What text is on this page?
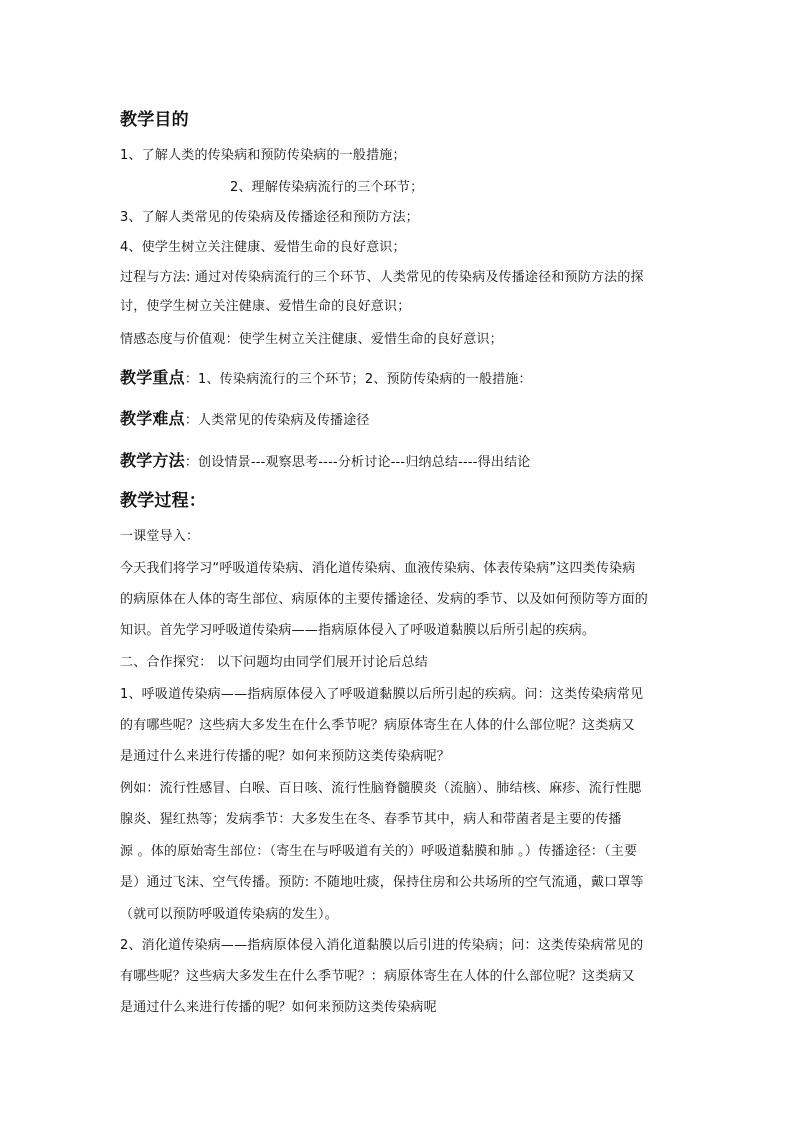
教学目的
1、了解人类的传染病和预防传染病的一般措施；
2、理解传染病流行的三个环节；
3、了解人类常见的传染病及传播途径和预防方法；
4、使学生树立关注健康、爱惜生命的良好意识；
过程与方法: 通过对传染病流行的三个环节、人类常见的传染病及传播途径和预防方法的探
讨，使学生树立关注健康、爱惜生命的良好意识；
情感态度与价值观：使学生树立关注健康、爱惜生命的良好意识；
教学重点：1、传染病流行的三个环节；2、预防传染病的一般措施：
教学难点：人类常见的传染病及传播途径
教学方法：创设情景---观察思考----分析讨论---归纳总结----得出结论
教学过程：
一课堂导入：
今天我们将学习“呼吸道传染病、消化道传染病、血液传染病、体表传染病”这四类传染病
的病原体在人体的寄生部位、病原体的主要传播途径、发病的季节、以及如何预防等方面的
知识。首先学习呼吸道传染病——指病原体侵入了呼吸道黏膜以后所引起的疾病。
二、合作探究： 以下问题均由同学们展开讨论后总结
1、呼吸道传染病——指病原体侵入了呼吸道黏膜以后所引起的疾病。问：这类传染病常见
的有哪些呢？这些病大多发生在什么季节呢？病原体寄生在人体的什么部位呢？这类病又
是通过什么来进行传播的呢？如何来预防这类传染病呢？
例如：流行性感冒、白喉、百日咳、流行性脑脊髓膜炎（流脑）、肺结核、麻疹、流行性腮
腺炎、猩红热等；发病季节：大多发生在冬、春季节其中，病人和带菌者是主要的传播
源 。体的原始寄生部位：（寄生在与呼吸道有关的）呼吸道黏膜和肺 。）传播途径：（主要
是）通过飞沫、空气传播。预防: 不随地吐痰，保持住房和公共场所的空气流通，戴口罩等
（就可以预防呼吸道传染病的发生）。
2、消化道传染病——指病原体侵入消化道黏膜以后引进的传染病；问：这类传染病常见的
有哪些呢？这些病大多发生在什么季节呢？：病原体寄生在人体的什么部位呢？这类病又
是通过什么来进行传播的呢？如何来预防这类传染病呢
